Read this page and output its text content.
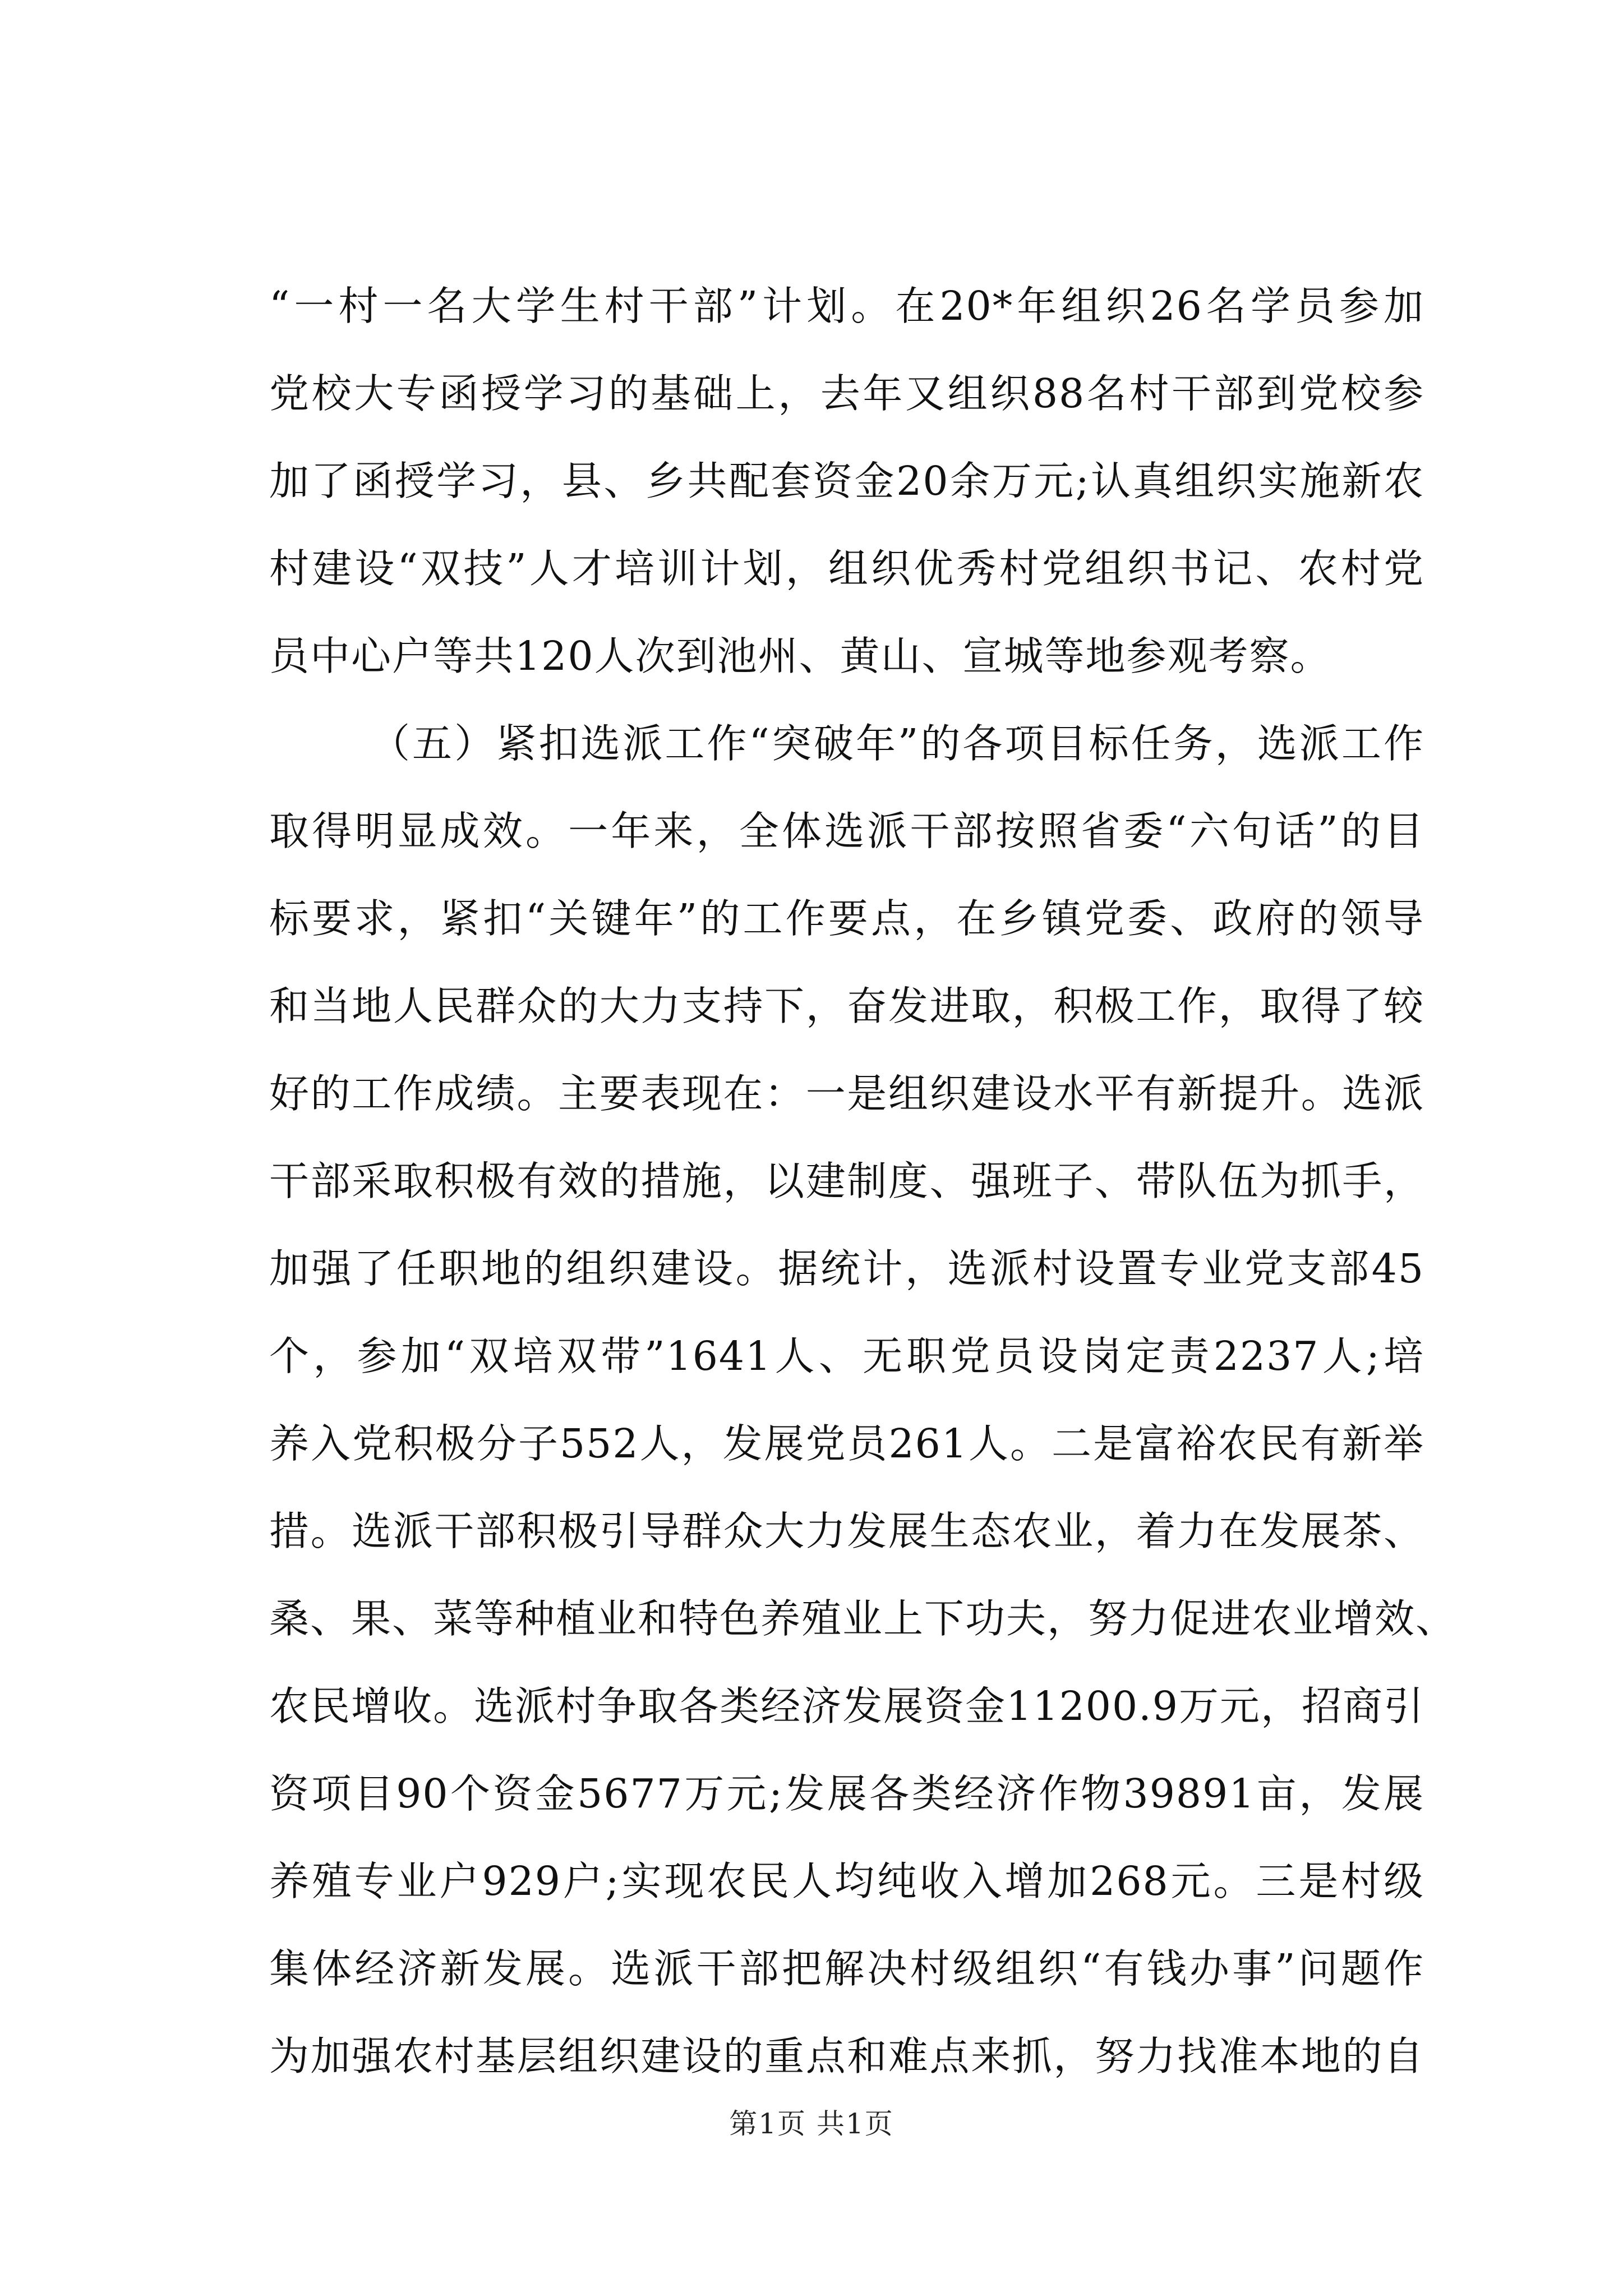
“一村一名大学生村干部”计划。在20*年组织26名学员参加
党校大专函授学习的基础上，去年又组织88名村干部到党校参
加了函授学习，县、乡共配套资金20余万元;认真组织实施新农
村建设“双技”人才培训计划，组织优秀村党组织书记、农村党
员中心户等共120人次到池州、黄山、宣城等地参观考察。
（五）紧扣选派工作“突破年”的各项目标任务，选派工作
取得明显成效。一年来，全体选派干部按照省委“六句话”的目
标要求，紧扣“关键年”的工作要点，在乡镇党委、政府的领导
和当地人民群众的大力支持下，奋发进取，积极工作，取得了较
好的工作成绩。主要表现在：一是组织建设水平有新提升。选派
干部采取积极有效的措施，以建制度、强班子、带队伍为抓手，
加强了任职地的组织建设。据统计，选派村设置专业党支部45
个，参加“双培双带”1641人、无职党员设岗定责2237人;培
养入党积极分子552人，发展党员261人。二是富裕农民有新举
措。选派干部积极引导群众大力发展生态农业，着力在发展茶、
桑、果、菜等种植业和特色养殖业上下功夫，努力促进农业增效、
农民增收。选派村争取各类经济发展资金11200.9万元，招商引
资项目90个资金5677万元;发展各类经济作物39891亩，发展
养殖专业户929户;实现农民人均纯收入增加268元。三是村级
集体经济新发展。选派干部把解决村级组织“有钱办事”问题作
为加强农村基层组织建设的重点和难点来抓，努力找准本地的自
第1页 共1页
